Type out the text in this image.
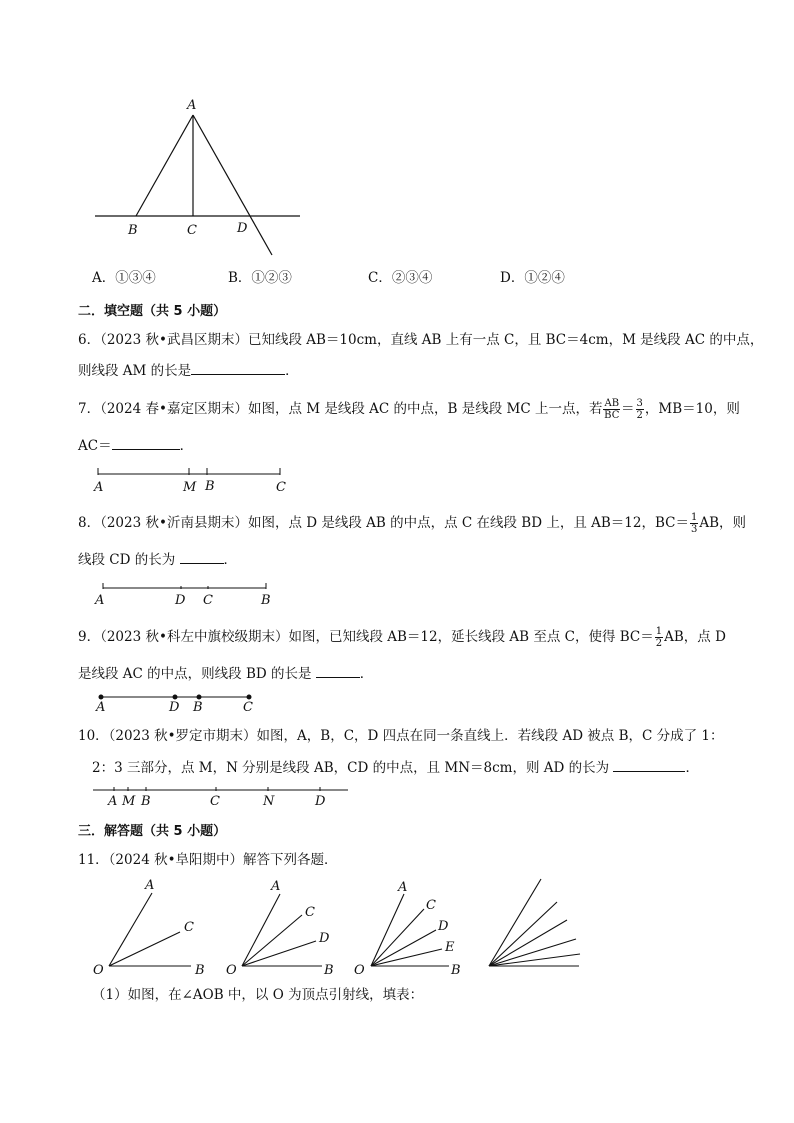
A
B	C	D
A	M B	C
A	D C	B
A	D B	C
A M B	C	N	D
A
C
O	B
A
C
D
O	B
A
C
D
E
O	B
A．①③④	B．①②③	C．②③④	D．①②④
二．填空题（共 5 小题）
6．（2023 秋•武昌区期末）已知线段 AB＝10cm，直线 AB 上有一点 C，且 BC＝4cm，M 是线段 AC 的中点，
则线段 AM 的长是	．
7．（2024 春•嘉定区期末）如图，点 M 是线段 AC 的中点，B 是线段 MC 上一点，若 $\frac{AB}{BC} = \frac{3}{2}$ ，MB＝10，则
AC＝	．
8．（2023 秋•沂南县期末）如图，点 D 是线段 AB 的中点，点 C 在线段 BD 上，且 AB＝12，$BC= \frac{1}{3}$ AB，则
线段 CD 的长为	．
9．（2023 秋•科左中旗校级期末）如图，已知线段 AB＝12，延长线段 AB 至点 C，使得 $BC= \frac{1}{2}$ AB，点 D
是线段 AC 的中点，则线段 BD 的长是	．
10．（2023 秋•罗定市期末）如图，A，B，C，D 四点在同一条直线上．若线段 AD 被点 B，C 分成了 1：
2：3 三部分，点 M，N 分别是线段 AB，CD 的中点，且 MN＝8cm，则 AD 的长为	．
三．解答题（共 5 小题）
11．（2024 秋•阜阳期中）解答下列各题．
（1）如图，在∠AOB 中，以 O 为顶点引射线，填表：
